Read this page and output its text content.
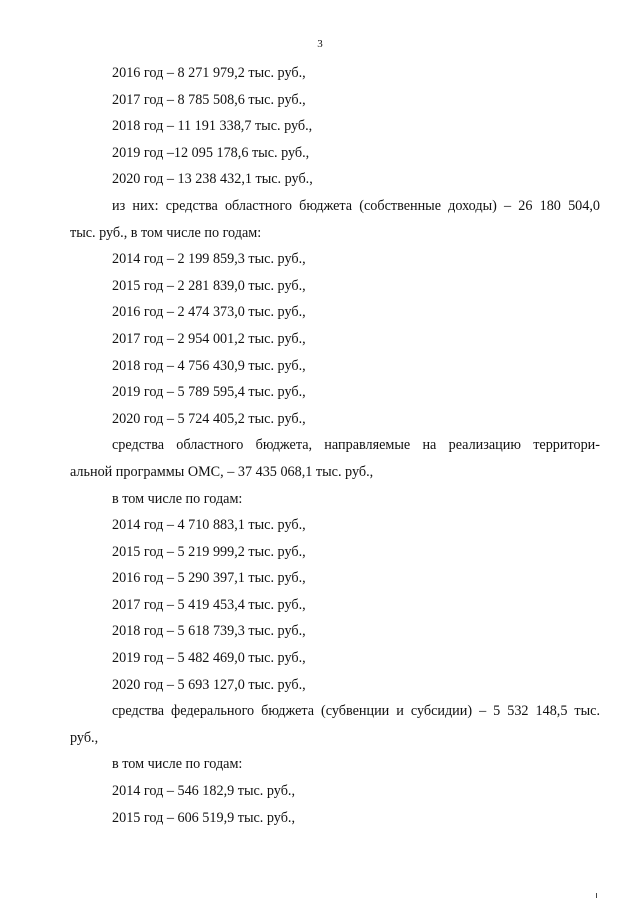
3
2016 год – 8 271 979,2 тыс. руб.,
2017 год – 8 785 508,6 тыс. руб.,
2018 год – 11 191 338,7 тыс. руб.,
2019 год –12 095 178,6 тыс. руб.,
2020 год – 13 238 432,1 тыс. руб.,
из них: средства областного бюджета (собственные доходы) – 26 180 504,0
тыс. руб., в том числе по годам:
2014 год – 2 199 859,3 тыс. руб.,
2015 год – 2 281 839,0 тыс. руб.,
2016 год – 2 474 373,0 тыс. руб.,
2017 год – 2 954 001,2 тыс. руб.,
2018 год – 4 756 430,9 тыс. руб.,
2019 год – 5 789 595,4 тыс. руб.,
2020 год – 5 724 405,2 тыс. руб.,
средства областного бюджета, направляемые на реализацию территори-
альной программы ОМС, – 37 435 068,1 тыс. руб.,
в том числе по годам:
2014 год – 4 710 883,1 тыс. руб.,
2015 год – 5 219 999,2 тыс. руб.,
2016 год – 5 290 397,1 тыс. руб.,
2017 год – 5 419 453,4 тыс. руб.,
2018 год – 5 618 739,3 тыс. руб.,
2019 год – 5 482 469,0 тыс. руб.,
2020 год – 5 693 127,0 тыс. руб.,
средства федерального бюджета (субвенции и субсидии) – 5 532 148,5 тыс.
руб.,
в том числе по годам:
2014 год – 546 182,9 тыс. руб.,
2015 год – 606 519,9 тыс. руб.,
